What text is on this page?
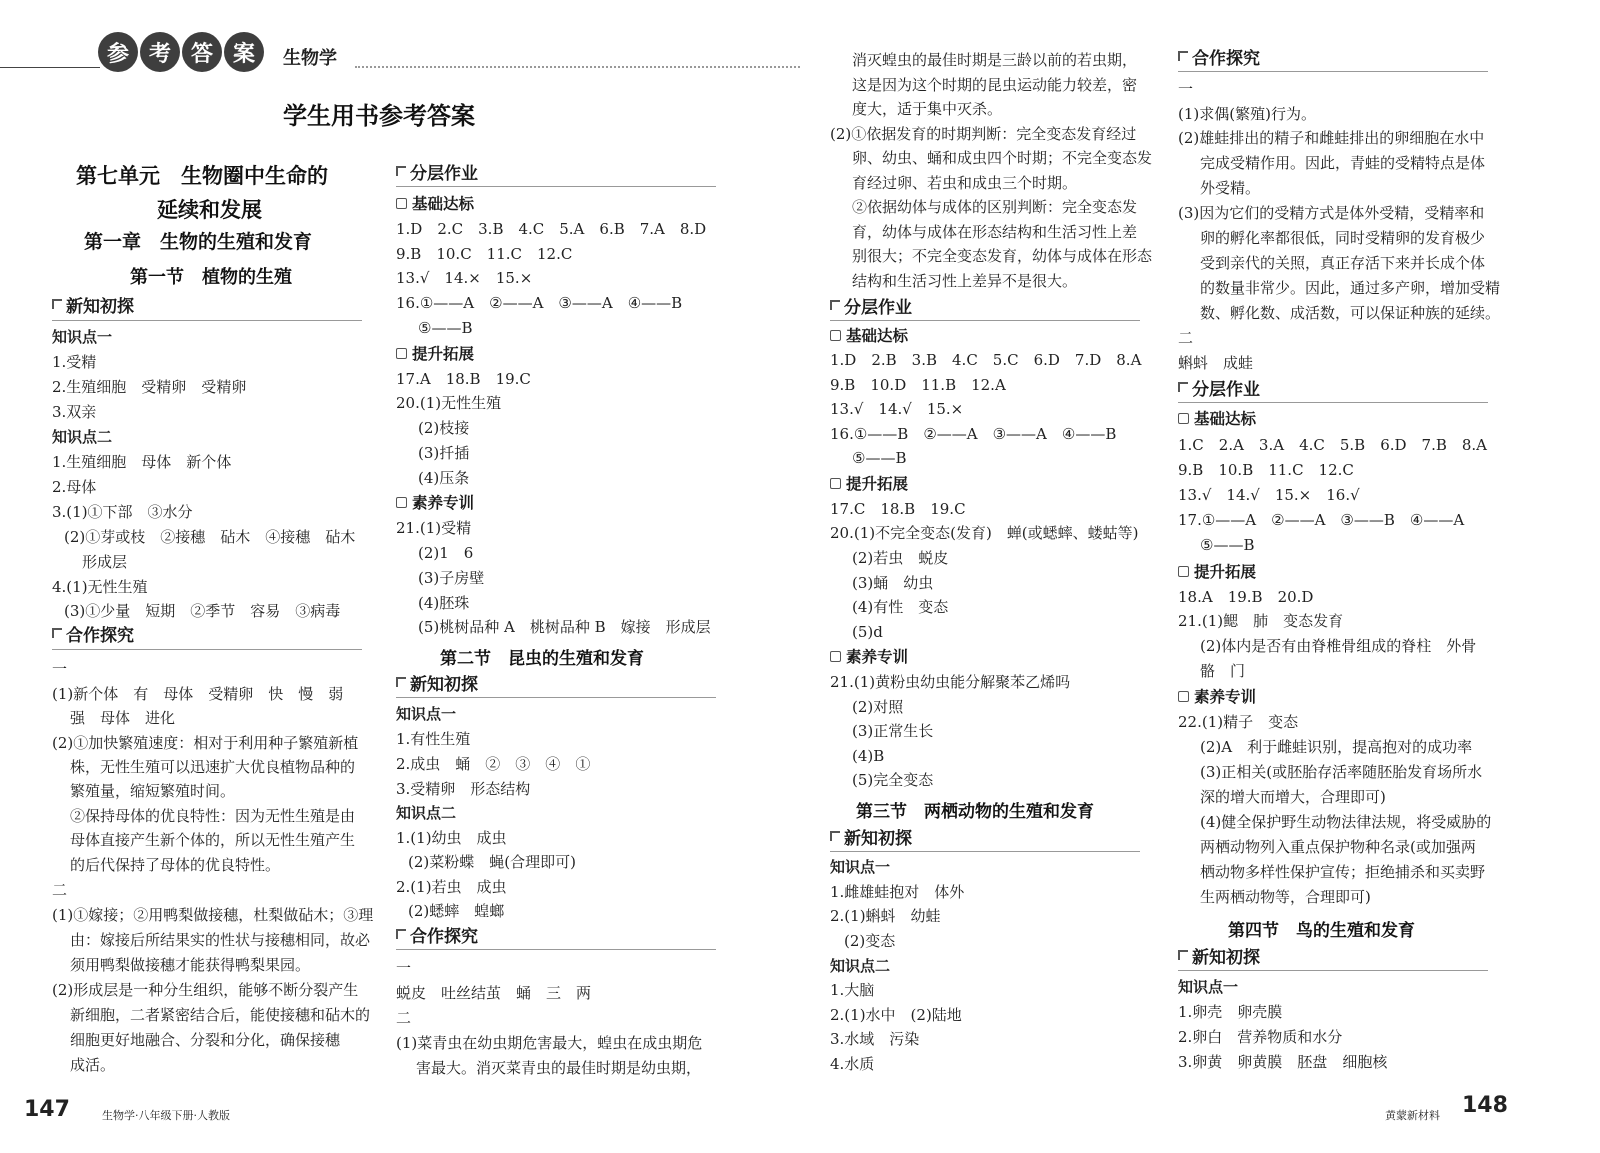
参 考 答 案	生物学
学生用书参考答案
第七单元　生物圈中生命的
延续和发展
第一章　生物的生殖和发育
第一节　植物的生殖
新知初探
知识点一
1.受精
2.生殖细胞　受精卵　受精卵
3.双亲
知识点二
1.生殖细胞　母体　新个体
2.母体
3.(1)①下部　③水分
(2)①芽或枝　②接穗　砧木　④接穗　砧木
形成层
4.(1)无性生殖
(3)①少量　短期　②季节　容易　③病毒
合作探究
一
(1)新个体　有　母体　受精卵　快　慢　弱
强　母体　进化
(2)①加快繁殖速度：相对于利用种子繁殖新植
株，无性生殖可以迅速扩大优良植物品种的
繁殖量，缩短繁殖时间。
②保持母体的优良特性：因为无性生殖是由
母体直接产生新个体的，所以无性生殖产生
的后代保持了母体的优良特性。
二
(1)①嫁接；②用鸭梨做接穗，杜梨做砧木；③理
由：嫁接后所结果实的性状与接穗相同，故必
须用鸭梨做接穗才能获得鸭梨果园。
(2)形成层是一种分生组织，能够不断分裂产生
新细胞，二者紧密结合后，能使接穗和砧木的
细胞更好地融合、分裂和分化，确保接穗
成活。
分层作业
基础达标
1.D　2.C　3.B　4.C　5.A　6.B　7.A　8.D
9.B　10.C　11.C　12.C
13.√　14.×　15.×
16.①——A　②——A　③——A　④——B
⑤——B
提升拓展
17.A　18.B　19.C
20.(1)无性生殖
(2)枝接
(3)扦插
(4)压条
素养专训
21.(1)受精
(2)1　6
(3)子房壁
(4)胚珠
(5)桃树品种 A　桃树品种 B　嫁接　形成层
第二节　昆虫的生殖和发育
新知初探
知识点一
1.有性生殖
2.成虫　蛹　②　③　④　①
3.受精卵　形态结构
知识点二
1.(1)幼虫　成虫
(2)菜粉蝶　蝇(合理即可)
2.(1)若虫　成虫
(2)蟋蟀　蝗螂
合作探究
一
蜕皮　吐丝结茧　蛹　三　两
二
(1)菜青虫在幼虫期危害最大，蝗虫在成虫期危
害最大。消灭菜青虫的最佳时期是幼虫期，
消灭蝗虫的最佳时期是三龄以前的若虫期，
这是因为这个时期的昆虫运动能力较差，密
度大，适于集中灭杀。
(2)①依据发育的时期判断：完全变态发育经过
卵、幼虫、蛹和成虫四个时期；不完全变态发
育经过卵、若虫和成虫三个时期。
②依据幼体与成体的区别判断：完全变态发
育，幼体与成体在形态结构和生活习性上差
别很大；不完全变态发育，幼体与成体在形态
结构和生活习性上差异不是很大。
分层作业
基础达标
1.D　2.B　3.B　4.C　5.C　6.D　7.D　8.A
9.B　10.D　11.B　12.A
13.√　14.√　15.×
16.①——B　②——A　③——A　④——B
⑤——B
提升拓展
17.C　18.B　19.C
20.(1)不完全变态(发育)　蝉(或蟋蟀、蝼蛄等)
(2)若虫　蜕皮
(3)蛹　幼虫
(4)有性　变态
(5)d
素养专训
21.(1)黄粉虫幼虫能分解聚苯乙烯吗
(2)对照
(3)正常生长
(4)B
(5)完全变态
第三节　两栖动物的生殖和发育
新知初探
知识点一
1.雌雄蛙抱对　体外
2.(1)蝌蚪　幼蛙
(2)变态
知识点二
1.大脑
2.(1)水中　(2)陆地
3.水域　污染
4.水质
合作探究
一
(1)求偶(繁殖)行为。
(2)雄蛙排出的精子和雌蛙排出的卵细胞在水中
完成受精作用。因此，青蛙的受精特点是体
外受精。
(3)因为它们的受精方式是体外受精，受精率和
卵的孵化率都很低，同时受精卵的发育极少
受到亲代的关照，真正存活下来并长成个体
的数量非常少。因此，通过多产卵，增加受精
数、孵化数、成活数，可以保证种族的延续。
二
蝌蚪　成蛙
分层作业
基础达标
1.C　2.A　3.A　4.C　5.B　6.D　7.B　8.A
9.B　10.B　11.C　12.C
13.√　14.√　15.×　16.√
17.①——A　②——A　③——B　④——A
⑤——B
提升拓展
18.A　19.B　20.D
21.(1)鳃　肺　变态发育
(2)体内是否有由脊椎骨组成的脊柱　外骨
骼　门
素养专训
22.(1)精子　变态
(2)A　利于雌蛙识别，提高抱对的成功率
(3)正相关(或胚胎存活率随胚胎发育场所水
深的增大而增大，合理即可)
(4)健全保护野生动物法律法规，将受威胁的
两栖动物列入重点保护物种名录(或加强两
栖动物多样性保护宣传；拒绝捕杀和买卖野
生两栖动物等，合理即可)
第四节　鸟的生殖和发育
新知初探
知识点一
1.卵壳　卵壳膜
2.卵白　营养物质和水分
3.卵黄　卵黄膜　胚盘　细胞核
147	生物学·八年级下册·人教版	黄蒙新材料 148
